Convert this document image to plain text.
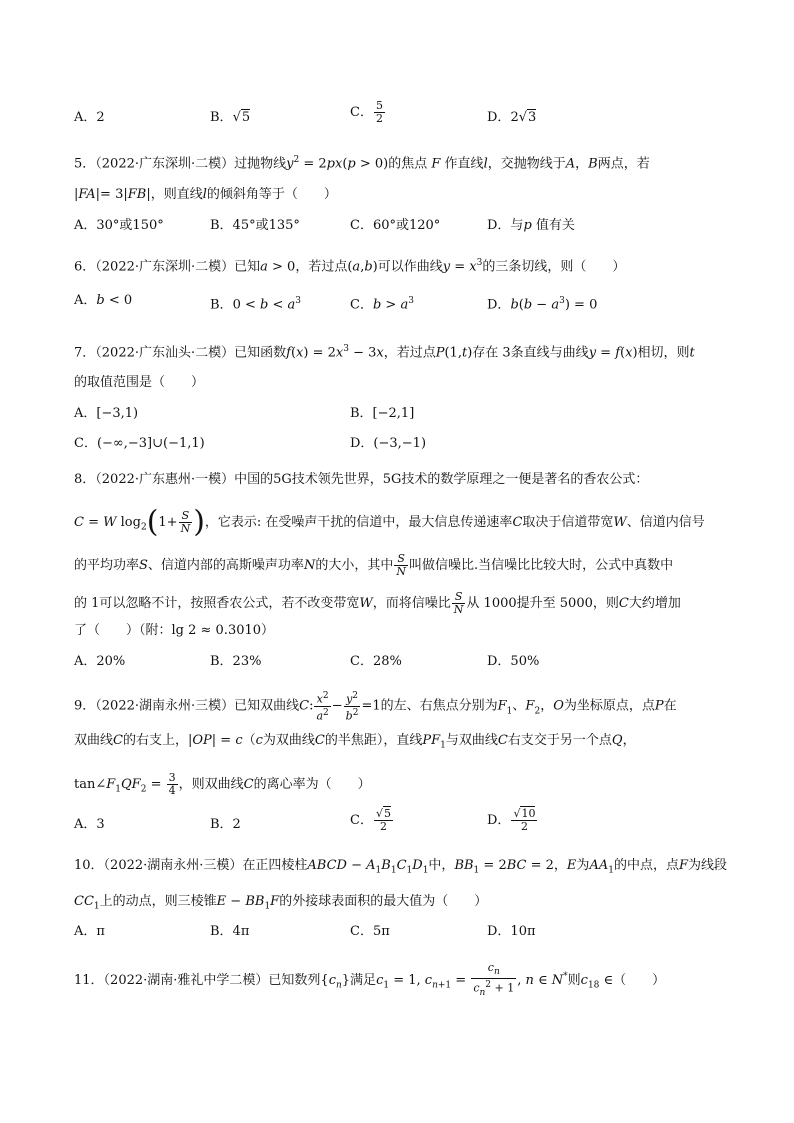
A．2	B．√5	C． $\frac{5}{2}$	D．2√3
5．（2022·广东深圳·二模）过抛物线$y^2 = 2px(p > 0)$的焦点 F 作直线l，交抛物线于A，B两点，若
|FA|= 3|FB|，则直线l的倾斜角等于（　　）
A．30°或150°	B．45°或135°	C．60°或120°	D．与p 值有关
6．（2022·广东深圳·二模）已知a > 0，若过点(a,b)可以作曲线$y = x^3$的三条切线，则（　　）
A．b < 0	B．$0 < b < a^3$	C．$b > a^3$	D．$b(b - a^3) = 0$
7．（2022·广东汕头·二模）已知函数$f(x) = 2x^3 - 3x$，若过点P(1,t)存在 3条直线与曲线y = f(x)相切，则t
的取值范围是（　　）
A．[−3,1)	B．[−2,1]
C．(−∞,−3]∪(−1,1)	D．(−3,−1)
8．（2022·广东惠州·一模）中国的5G技术领先世界，5G技术的数学原理之一便是著名的香农公式：
C = W $\log_2(1+ \frac{S}{N}$ )，它表示: 在受噪声干扰的信道中，最大信息传递速率C取决于信道带宽W、信道内信号
的平均功率S、信道内部的高斯噪声功率N的大小，其中 $\frac{S}{N}$ 叫做信噪比.当信噪比比较大时，公式中真数中
的 1可以忽略不计，按照香农公式，若不改变带宽W，而将信噪比 $\frac{S}{N}$ 从 1000提升至 5000，则C大约增加
了（　　）（附：lg 2 ≈ 0.3010）
A．20%	B．23%	C．28%	D．50%
9．（2022·湖南永州·三模）已知双曲线C: $\frac{x^2}{a^2} - \frac{y^2}{b^2} =1$的左、右焦点分别为$F_1$、$F_2$，O为坐标原点，点P在
双曲线C的右支上，|OP| = c（c为双曲线C的半焦距），直线$PF_1$与双曲线C右支交于另一个点Q，
$\tan\angle F_1QF_2 = \frac{3}{4}$ ，则双曲线C的离心率为（　　）
A．3	B．2	C． $\frac{√5}{2}$	D． $\frac{√10}{2}$
10．（2022·湖南永州·三模）在正四棱柱ABCD − $A_1B_1C_1D_1$中，$BB_1 = 2BC = 2$，E为$AA_1$的中点，点F为线段
$CC_1$上的动点，则三棱锥$E - BB_1F$的外接球表面积的最大值为（　　）
A．π	B．4π	C．5π	D．10π
11．（2022·湖南·雅礼中学二模）已知数列$\{c_n\}$满足$c_1 = 1$, $c_{n+1} = \frac{c_n}{c_n^2 + 1}$ , n ∈ N*则$c_{18}$ ∈（　　）
